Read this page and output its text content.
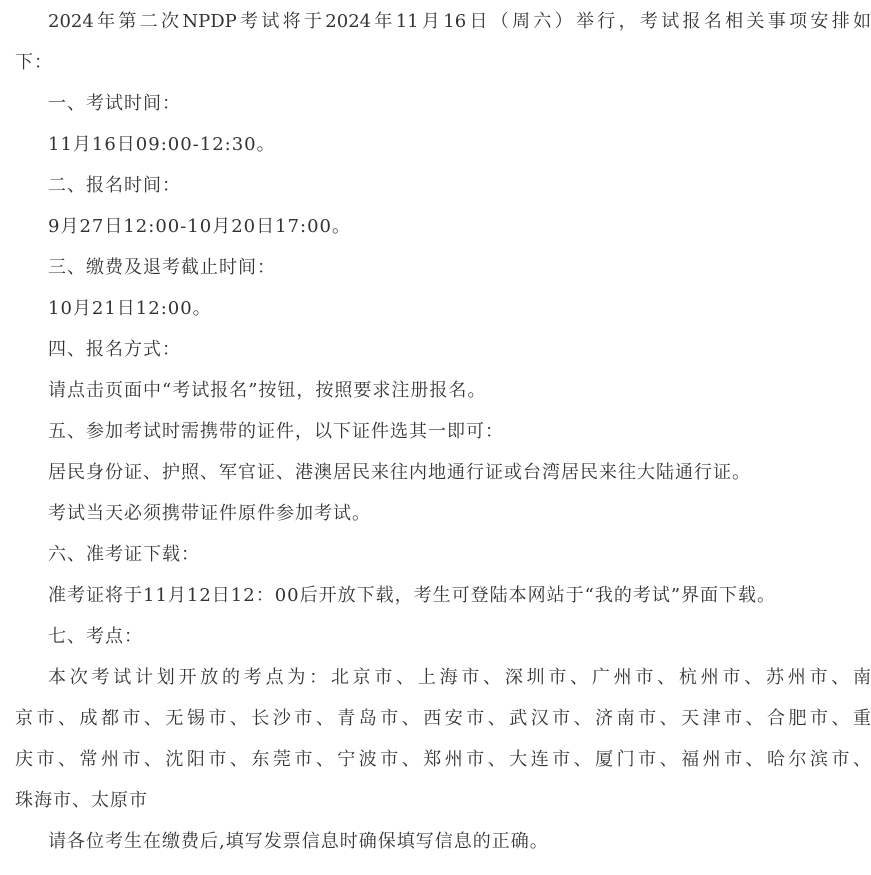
2024年第二次NPDP考试将于2024年11月16日（周六）举行，考试报名相关事项安排如
下：
一、考试时间：
11月16日09:00-12:30。
二、报名时间：
9月27日12:00-10月20日17:00。
三、缴费及退考截止时间：
10月21日12:00。
四、报名方式：
请点击页面中“考试报名”按钮，按照要求注册报名。
五、参加考试时需携带的证件，以下证件选其一即可：
居民身份证、护照、军官证、港澳居民来往内地通行证或台湾居民来往大陆通行证。
考试当天必须携带证件原件参加考试。
六、准考证下载：
准考证将于11月12日12：00后开放下载，考生可登陆本网站于“我的考试”界面下载。
七、考点：
本次考试计划开放的考点为：北京市、上海市、深圳市、广州市、杭州市、苏州市、南
京市、成都市、无锡市、长沙市、青岛市、西安市、武汉市、济南市、天津市、合肥市、重
庆市、常州市、沈阳市、东莞市、宁波市、郑州市、大连市、厦门市、福州市、哈尔滨市、
珠海市、太原市
请各位考生在缴费后,填写发票信息时确保填写信息的正确。
